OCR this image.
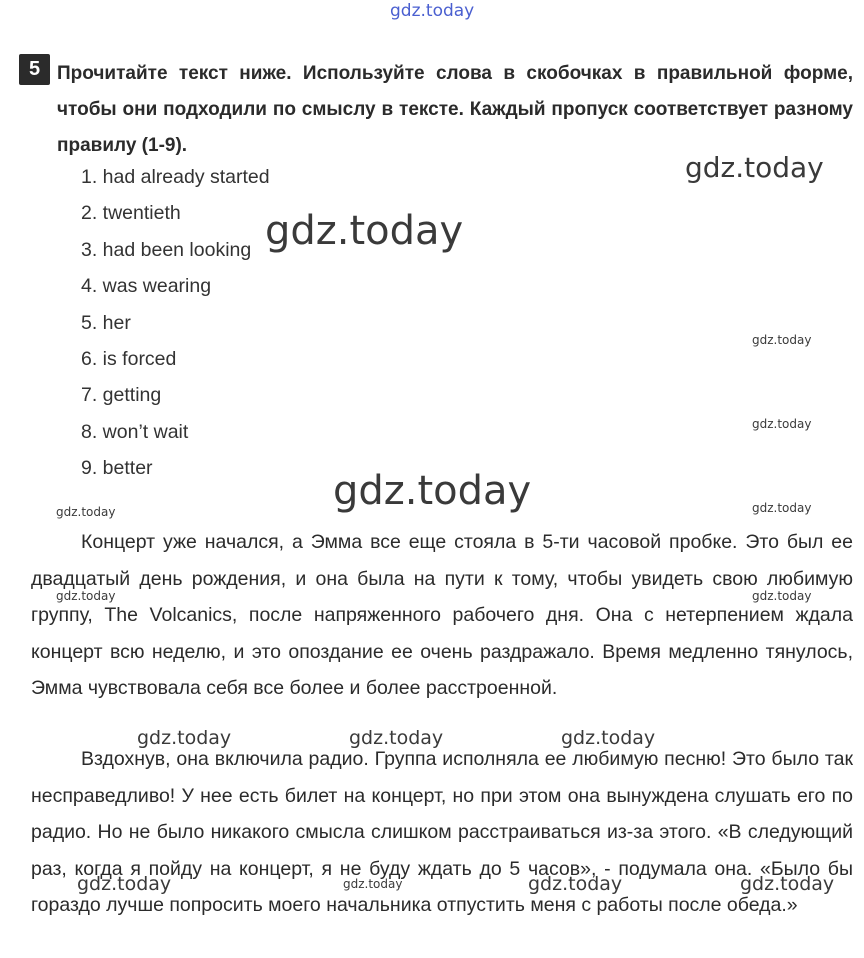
gdz.today
5 Прочитайте текст ниже. Используйте слова в скобочках в правильной форме, чтобы они подходили по смыслу в тексте. Каждый пропуск соответствует разному правилу (1-9).
1. had already started
2. twentieth
3. had been looking
4. was wearing
5. her
6. is forced
7. getting
8. won’t wait
9. better

Концерт уже начался, а Эмма все еще стояла в 5-ти часовой пробке. Это был ее двадцатый день рождения, и она была на пути к тому, чтобы увидеть свою любимую группу, The Volcanics, после напряженного рабочего дня. Она с нетерпением ждала концерт всю неделю, и это опоздание ее очень раздражало. Время медленно тянулось, Эмма чувствовала себя все более и более расстроенной.

Вздохнув, она включила радио. Группа исполняла ее любимую песню! Это было так несправедливо! У нее есть билет на концерт, но при этом она вынуждена слушать его по радио. Но не было никакого смысла слишком расстраиваться из-за этого. «В следующий раз, когда я пойду на концерт, я не буду ждать до 5 часов», - подумала она. «Было бы гораздо лучше попросить моего начальника отпустить меня с работы после обеда.»

gdz.today
gdz.today
gdz.today
gdz.today
gdz.today
gdz.today	gdz.today
gdz.today	gdz.today
gdz.today	gdz.today	gdz.today
gdz.today	gdz.today	gdz.today	gdz.today
